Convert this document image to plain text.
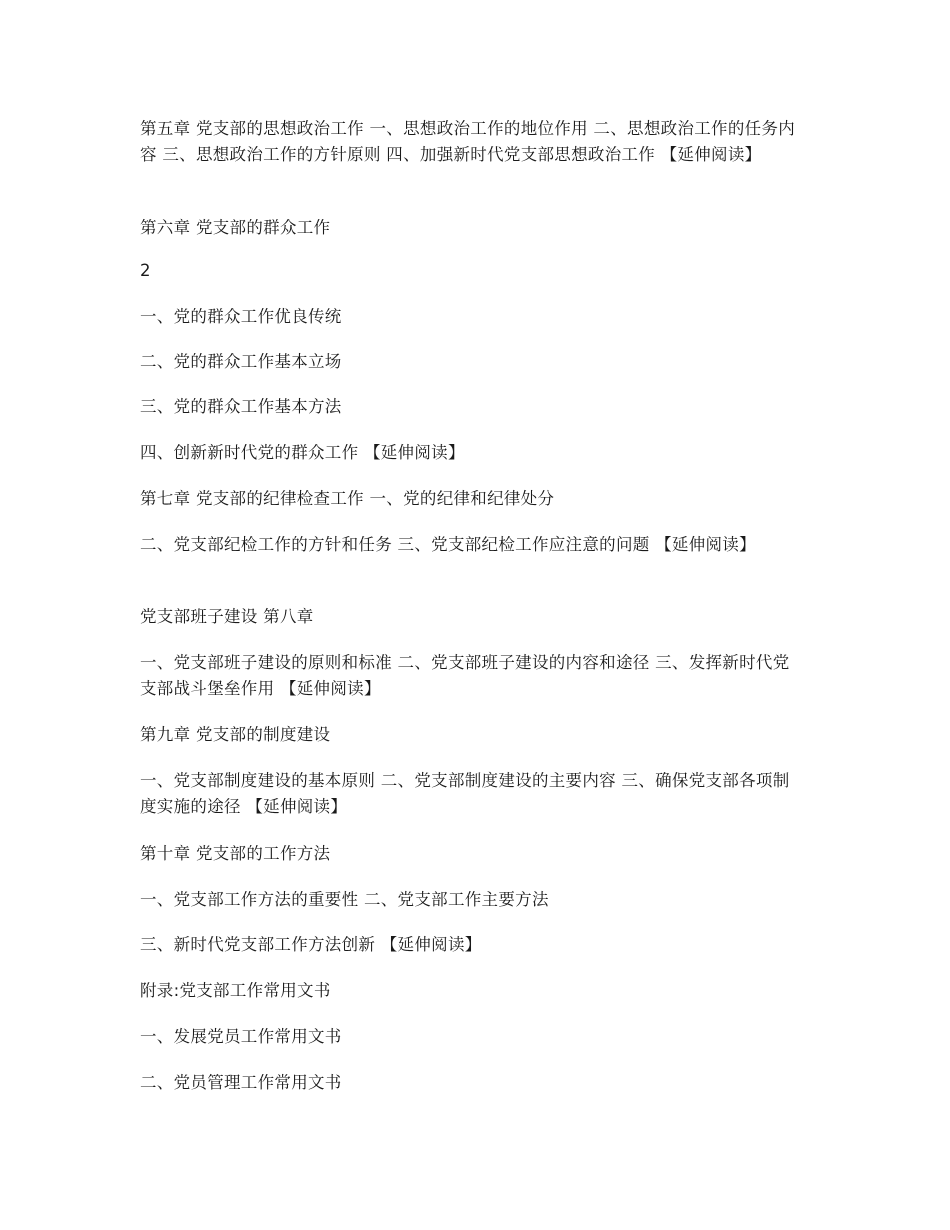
第五章 党支部的思想政治工作 一、思想政治工作的地位作用 二、思想政治工作的任务内容 三、思想政治工作的方针原则 四、加强新时代党支部思想政治工作 【延伸阅读】

第六章 党支部的群众工作

2

一、党的群众工作优良传统

二、党的群众工作基本立场

三、党的群众工作基本方法

四、创新新时代党的群众工作 【延伸阅读】

第七章 党支部的纪律检查工作 一、党的纪律和纪律处分

二、党支部纪检工作的方针和任务 三、党支部纪检工作应注意的问题 【延伸阅读】

党支部班子建设 第八章

一、党支部班子建设的原则和标准 二、党支部班子建设的内容和途径 三、发挥新时代党支部战斗堡垒作用 【延伸阅读】

第九章 党支部的制度建设

一、党支部制度建设的基本原则 二、党支部制度建设的主要内容 三、确保党支部各项制度实施的途径 【延伸阅读】

第十章 党支部的工作方法

一、党支部工作方法的重要性 二、党支部工作主要方法

三、新时代党支部工作方法创新 【延伸阅读】

附录:党支部工作常用文书

一、发展党员工作常用文书

二、党员管理工作常用文书
